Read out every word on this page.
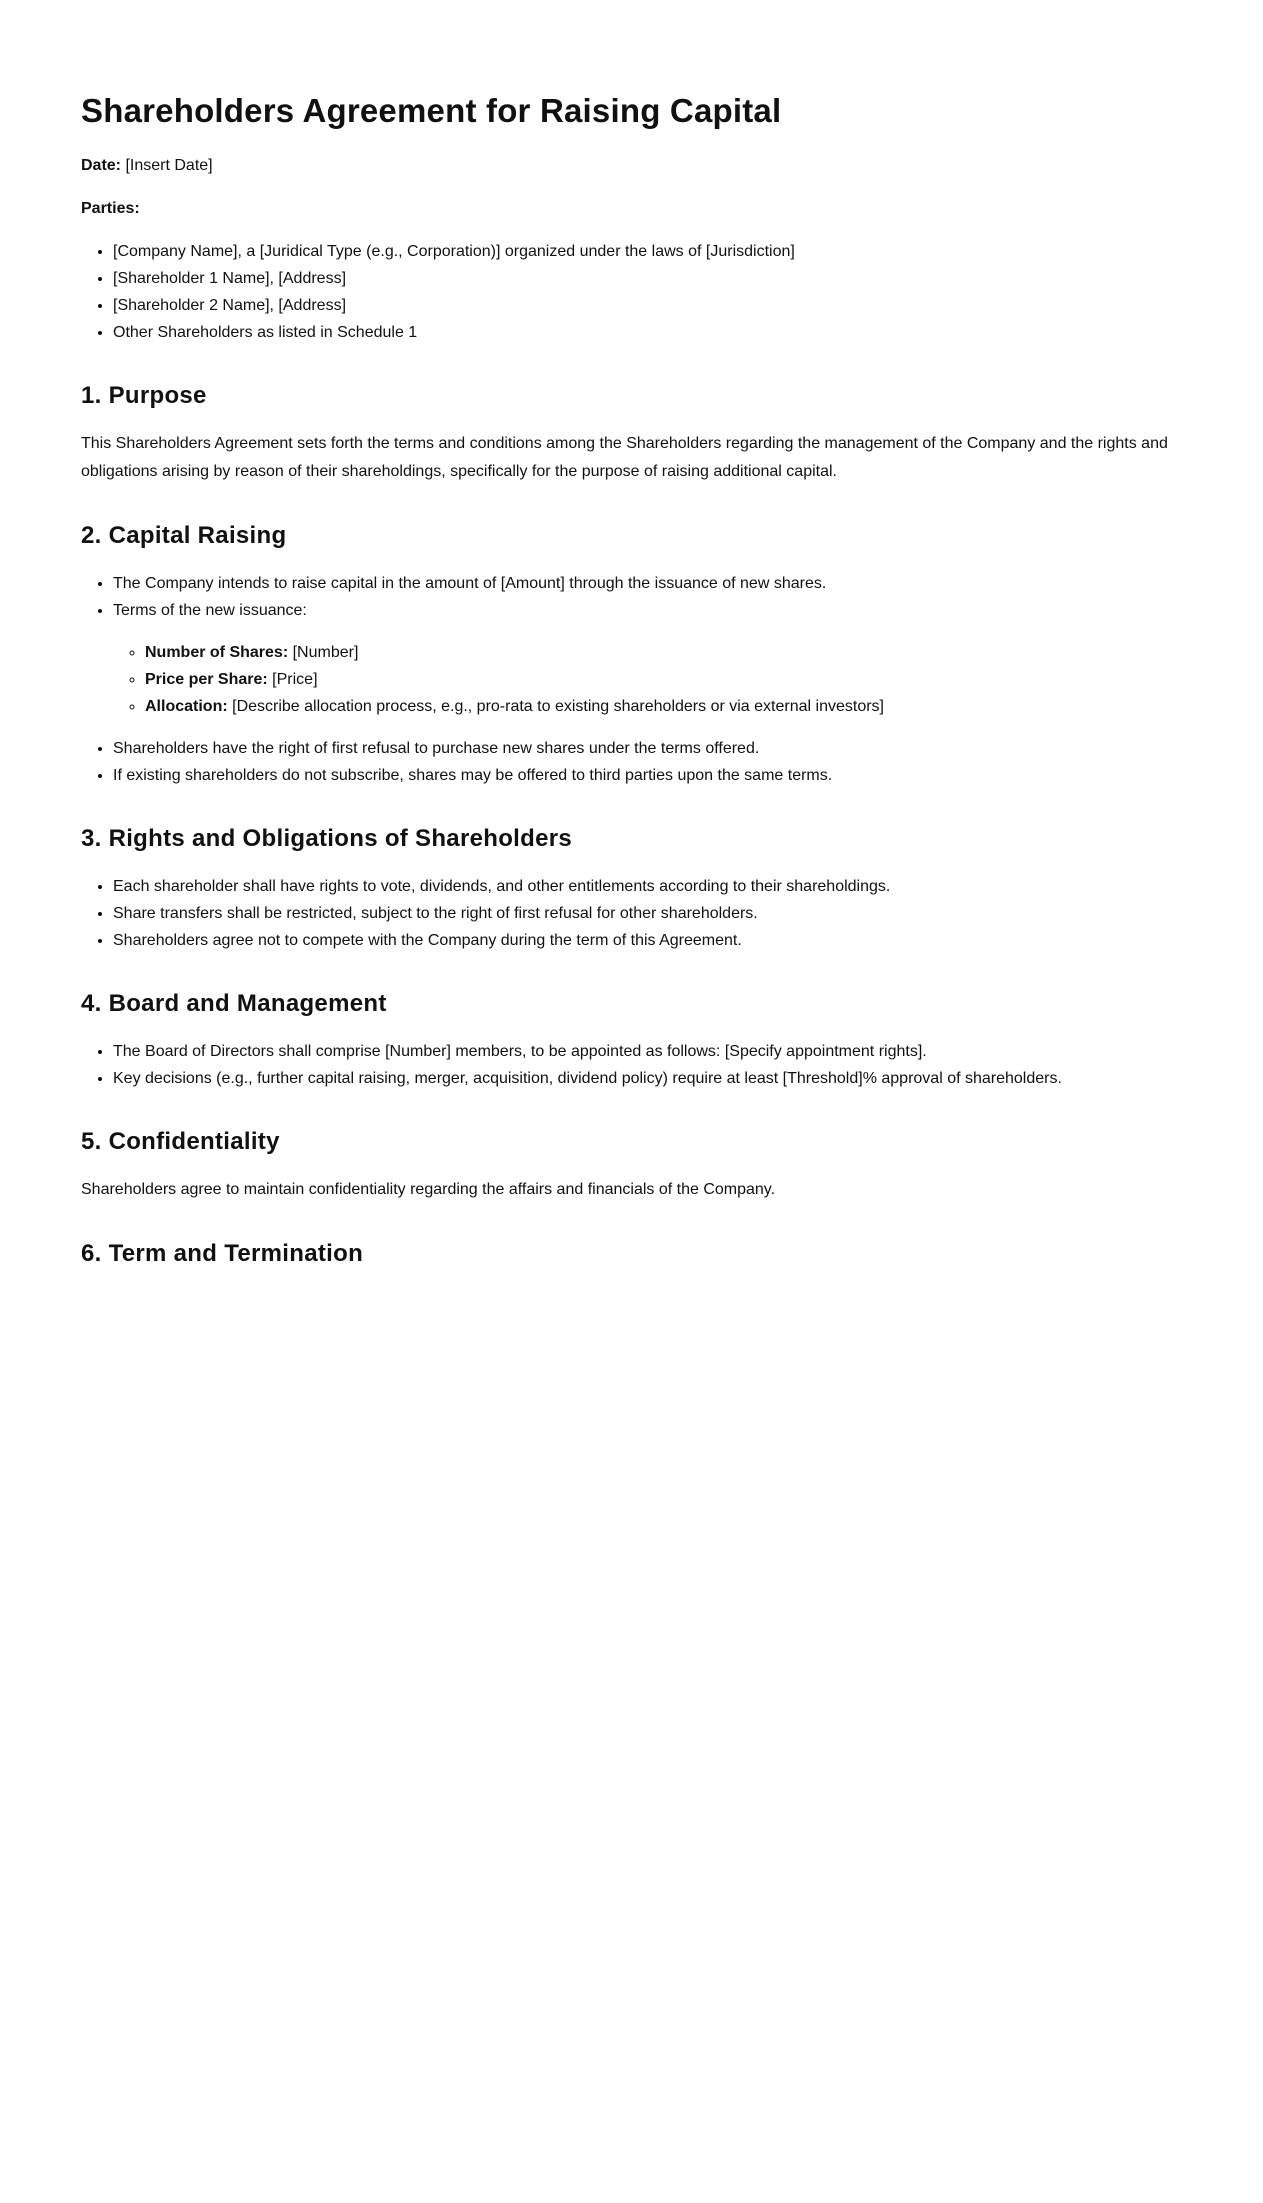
Shareholders Agreement for Raising Capital

Date: [Insert Date]

Parties:

• [Company Name], a [Juridical Type (e.g., Corporation)] organized under the laws of [Jurisdiction]
• [Shareholder 1 Name], [Address]
• [Shareholder 2 Name], [Address]
• Other Shareholders as listed in Schedule 1
1. Purpose

This Shareholders Agreement sets forth the terms and conditions among the Shareholders regarding the management of the Company and the rights and obligations arising by reason of their shareholdings, specifically for the purpose of raising additional capital.

2. Capital Raising
• The Company intends to raise capital in the amount of [Amount] through the issuance of new shares.
• Terms of the new issuance:
◦ Number of Shares: [Number]
◦ Price per Share: [Price]
◦ Allocation: [Describe allocation process, e.g., pro-rata to existing shareholders or via external investors]
• Shareholders have the right of first refusal to purchase new shares under the terms offered.
• If existing shareholders do not subscribe, shares may be offered to third parties upon the same terms.
3. Rights and Obligations of Shareholders
• Each shareholder shall have rights to vote, dividends, and other entitlements according to their shareholdings.
• Share transfers shall be restricted, subject to the right of first refusal for other shareholders.
• Shareholders agree not to compete with the Company during the term of this Agreement.
4. Board and Management
• The Board of Directors shall comprise [Number] members, to be appointed as follows: [Specify appointment rights].
• Key decisions (e.g., further capital raising, merger, acquisition, dividend policy) require at least [Threshold]% approval of shareholders.
5. Confidentiality

Shareholders agree to maintain confidentiality regarding the affairs and financials of the Company.

6. Term and Termination
